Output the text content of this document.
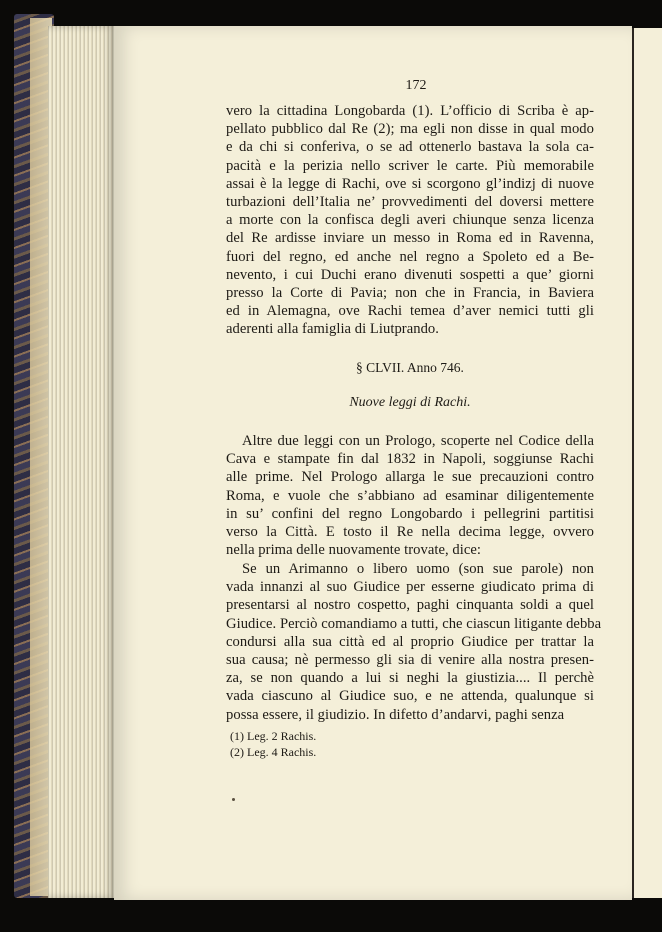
172
vero la cittadina Longobarda (1). L’officio di Scriba è ap-
pellato pubblico dal Re (2); ma egli non disse in qual modo
e da chi si conferiva, o se ad ottenerlo bastava la sola ca-
pacità e la perizia nello scriver le carte. Più memorabile
assai è la legge di Rachi, ove si scorgono gl’indizj di nuove
turbazioni dell’Italia ne’ provvedimenti del doversi mettere
a morte con la confisca degli averi chiunque senza licenza
del Re ardisse inviare un messo in Roma ed in Ravenna,
fuori del regno, ed anche nel regno a Spoleto ed a Be-
nevento, i cui Duchi erano divenuti sospetti a que’ giorni
presso la Corte di Pavia; non che in Francia, in Baviera
ed in Alemagna, ove Rachi temea d’aver nemici tutti gli
aderenti alla famiglia di Liutprando.
§ CLVII. Anno 746.
Nuove leggi di Rachi.
Altre due leggi con un Prologo, scoperte nel Codice della
Cava e stampate fin dal 1832 in Napoli, soggiunse Rachi
alle prime. Nel Prologo allarga le sue precauzioni contro
Roma, e vuole che s’abbiano ad esaminar diligentemente
in su’ confini del regno Longobardo i pellegrini partitisi
verso la Città. E tosto il Re nella decima legge, ovvero
nella prima delle nuovamente trovate, dice:
Se un Arimanno o libero uomo (son sue parole) non
vada innanzi al suo Giudice per esserne giudicato prima di
presentarsi al nostro cospetto, paghi cinquanta soldi a quel
Giudice. Perciò comandiamo a tutti, che ciascun litigante debba
condursi alla sua città ed al proprio Giudice per trattar la
sua causa; nè permesso gli sia di venire alla nostra presen-
za, se non quando a lui si neghi la giustizia.... Il perchè
vada ciascuno al Giudice suo, e ne attenda, qualunque si
possa essere, il giudizio. In difetto d’andarvi, paghi senza
(1) Leg. 2 Rachis.
(2) Leg. 4 Rachis.
